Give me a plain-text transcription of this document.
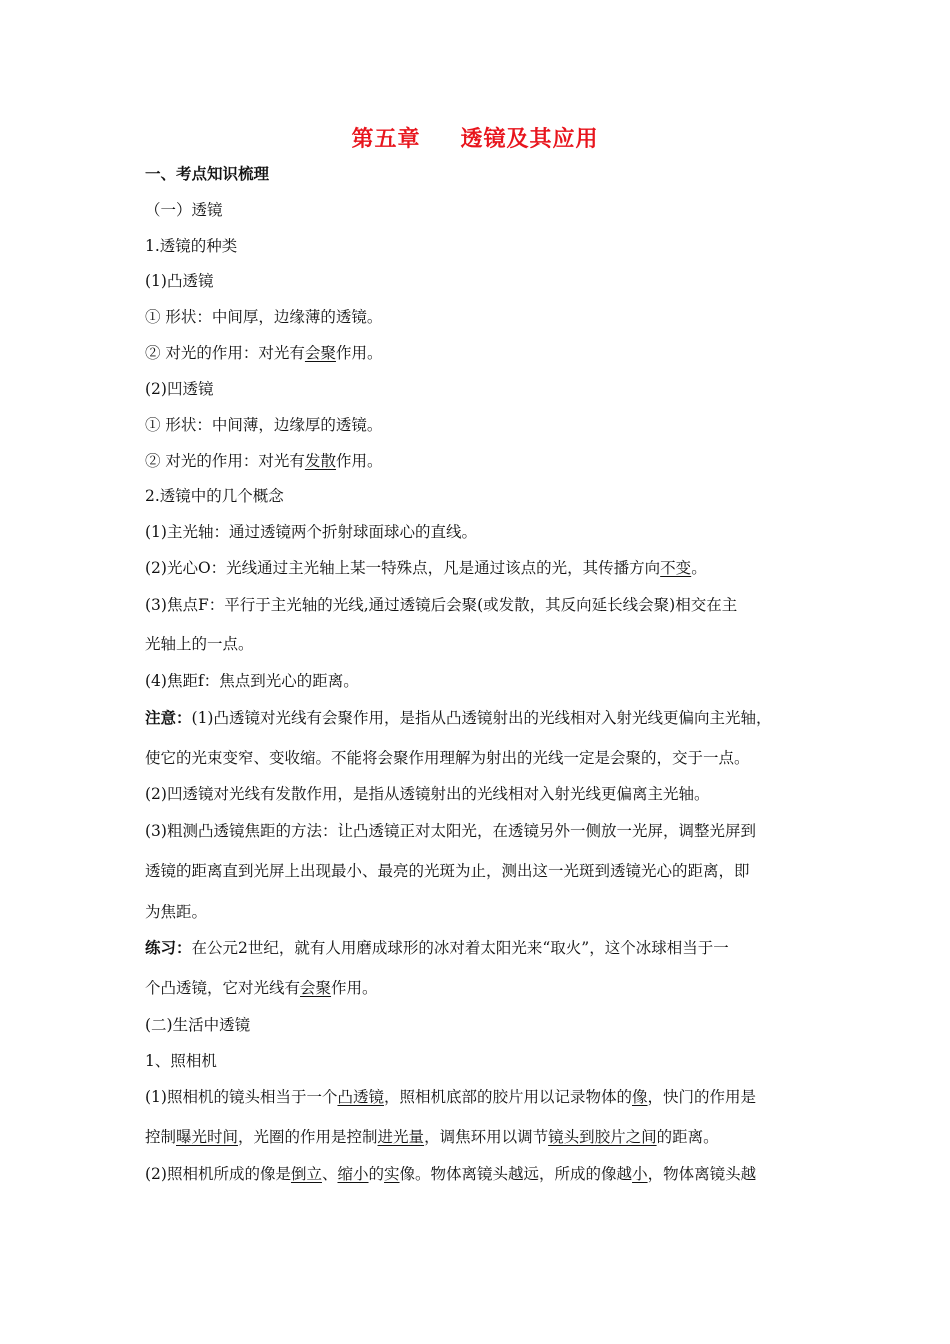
第五章 透镜及其应用
一、考点知识梳理
（一）透镜
1.透镜的种类
(1)凸透镜
① 形状：中间厚，边缘薄的透镜。
② 对光的作用：对光有会聚作用。
(2)凹透镜
① 形状：中间薄，边缘厚的透镜。
② 对光的作用：对光有发散作用。
2.透镜中的几个概念
(1)主光轴：通过透镜两个折射球面球心的直线。
(2)光心O：光线通过主光轴上某一特殊点，凡是通过该点的光，其传播方向不变。
(3)焦点F：平行于主光轴的光线,通过透镜后会聚(或发散，其反向延长线会聚)相交在主
光轴上的一点。
(4)焦距f：焦点到光心的距离。
注意：(1)凸透镜对光线有会聚作用，是指从凸透镜射出的光线相对入射光线更偏向主光轴，
使它的光束变窄、变收缩。不能将会聚作用理解为射出的光线一定是会聚的，交于一点。
(2)凹透镜对光线有发散作用，是指从透镜射出的光线相对入射光线更偏离主光轴。
(3)粗测凸透镜焦距的方法：让凸透镜正对太阳光，在透镜另外一侧放一光屏，调整光屏到
透镜的距离直到光屏上出现最小、最亮的光斑为止，测出这一光斑到透镜光心的距离，即
为焦距。
练习：在公元2世纪，就有人用磨成球形的冰对着太阳光来“取火”，这个冰球相当于一
个凸透镜，它对光线有会聚作用。
(二)生活中透镜
1、照相机
(1)照相机的镜头相当于一个凸透镜，照相机底部的胶片用以记录物体的像，快门的作用是
控制曝光时间，光圈的作用是控制进光量，调焦环用以调节镜头到胶片之间的距离。
(2)照相机所成的像是倒立、缩小的实像。物体离镜头越远，所成的像越小，物体离镜头越
